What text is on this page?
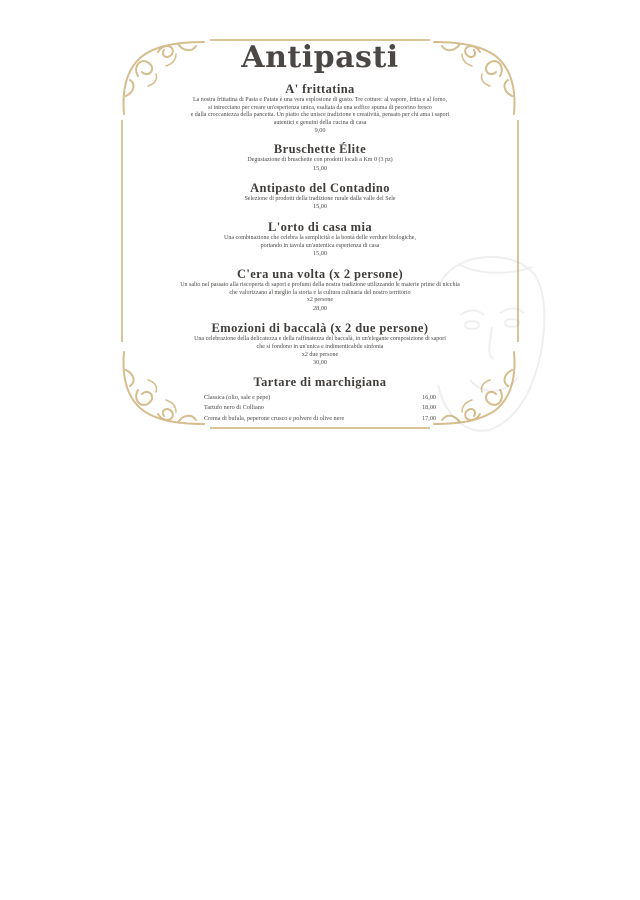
Antipasti

A' frittatina

La nostra frittatina di Pasta e Patate è una vera esplosione di gusto. Tre cotture: al vapore, fritta e al forno,
si intrecciano per creare un'esperienza unica, esaltata da una soffice spuma di pecorino fresco
e dalla croccantezza della pancetta. Un piatto che unisce tradizione e creatività, pensato per chi ama i sapori
autentici e genuini della cucina di casa

9,00

Bruschette Élite

Degustazione di bruschette con prodotti locali a Km 0 (3 pz)

15,00

Antipasto del Contadino

Selezione di prodotti della tradizione rurale dalla valle del Sele

15,00

L'orto di casa mia

Una combinazione che celebra la semplicità e la bontà delle verdure biologiche,
portando in tavola un'autentica esperienza di casa

15,00

C'era una volta (x 2 persone)

Un salto nel passato alla riscoperta di sapori e profumi della nostra tradizione utilizzando le materie prime di nicchia
che valorizzano al meglio la storia e la cultura culinaria del nostro territorio

x2 persone

28,00

Emozioni di baccalà (x 2 due persone)

Una celebrazione della delicatezza e della raffinatezza del baccalà, in un'elegante composizione di sapori
che si fondono in un'unica e indimenticabile sinfonia

x2 due persone

30,00

Tartare di marchigiana

Classica (olio, sale e pepe)	16,00
Tartufo nero di Colliano	18,00
Crema di bufala, peperone crusco e polvere di olive nere	17,00
